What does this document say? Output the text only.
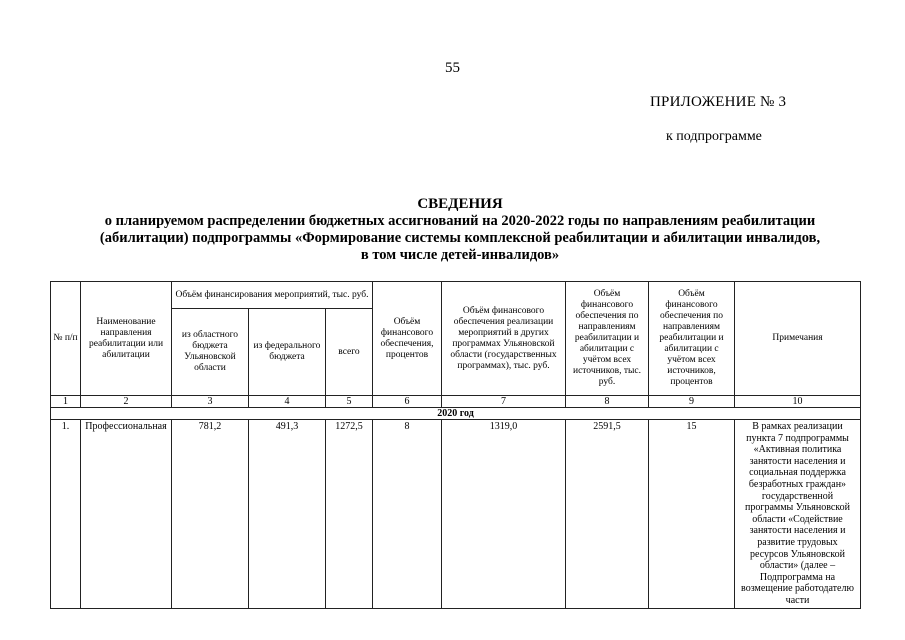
55
ПРИЛОЖЕНИЕ № 3
к подпрограмме
СВЕДЕНИЯ
о планируемом распределении бюджетных ассигнований на 2020-2022 годы по направлениям реабилитации
(абилитации) подпрограммы «Формирование системы комплексной реабилитации и абилитации инвалидов,
в том числе детей-инвалидов»
№ п/п	Наименование направления реабилитации или абилитации	Объём финансирования мероприятий, тыс. руб.			Объём финансового обеспечения, процентов	Объём финансового обеспечения реализации мероприятий в других программах Ульяновской области (государственных программах), тыс. руб.	Объём финансового обеспечения по направлениям реабилитации и абилитации с учётом всех источников, тыс. руб.	Объём финансового обеспечения по направлениям реабилитации и абилитации с учётом всех источников, процентов	Примечания
		из областного бюджета Ульяновской области	из федерального бюджета	всего					
1	2	3	4	5	6	7	8	9	10
2020 год									
1.	Профессиональная	781,2	491,3	1272,5	8	1319,0	2591,5	15	В рамках реализации пункта 7 подпрограммы «Активная политика занятости населения и социальная поддержка безработных граждан» государственной программы Ульяновской области «Содействие занятости населения и развитие трудовых ресурсов Ульяновской области» (далее – Подпрограмма на возмещение работодателю части
